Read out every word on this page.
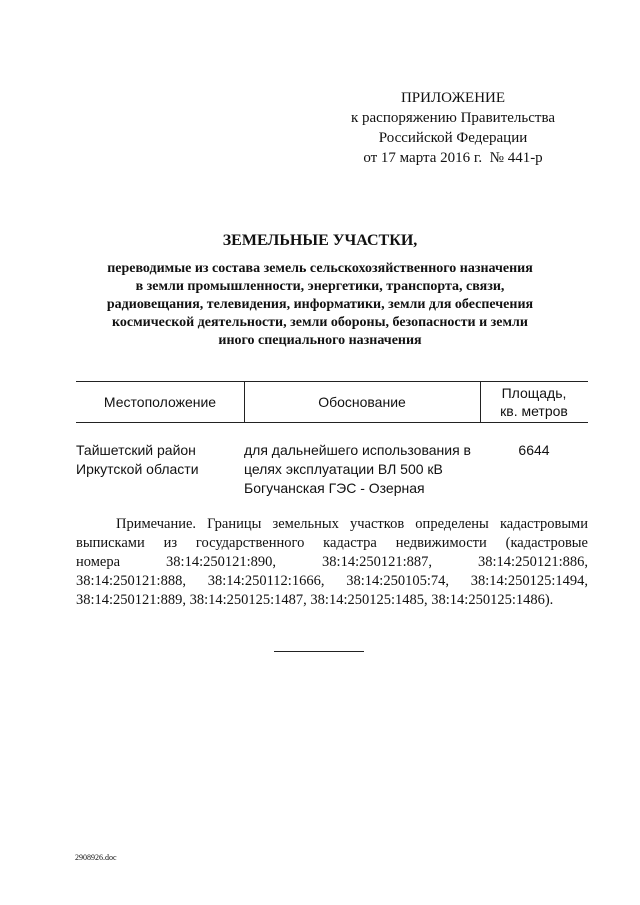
ПРИЛОЖЕНИЕ
к распоряжению Правительства
Российской Федерации
от 17 марта 2016 г.  № 441-р
ЗЕМЕЛЬНЫЕ УЧАСТКИ,
переводимые из состава земель сельскохозяйственного назначения
в земли промышленности, энергетики, транспорта, связи,
радиовещания, телевидения, информатики, земли для обеспечения
космической деятельности, земли обороны, безопасности и земли
иного специального назначения
Местоположение	Обоснование
Площадь,
кв. метров
Тайшетский район
Иркутской области
для дальнейшего использования в
целях эксплуатации ВЛ 500 кВ
Богучанская ГЭС - Озерная
6644
Примечание. Границы земельных участков определены кадастровыми
выписками из государственного кадастра недвижимости (кадастровые
номера 38:14:250121:890, 38:14:250121:887, 38:14:250121:886,
38:14:250121:888, 38:14:250112:1666, 38:14:250105:74, 38:14:250125:1494,
38:14:250121:889, 38:14:250125:1487, 38:14:250125:1485, 38:14:250125:1486).
2908926.doc
